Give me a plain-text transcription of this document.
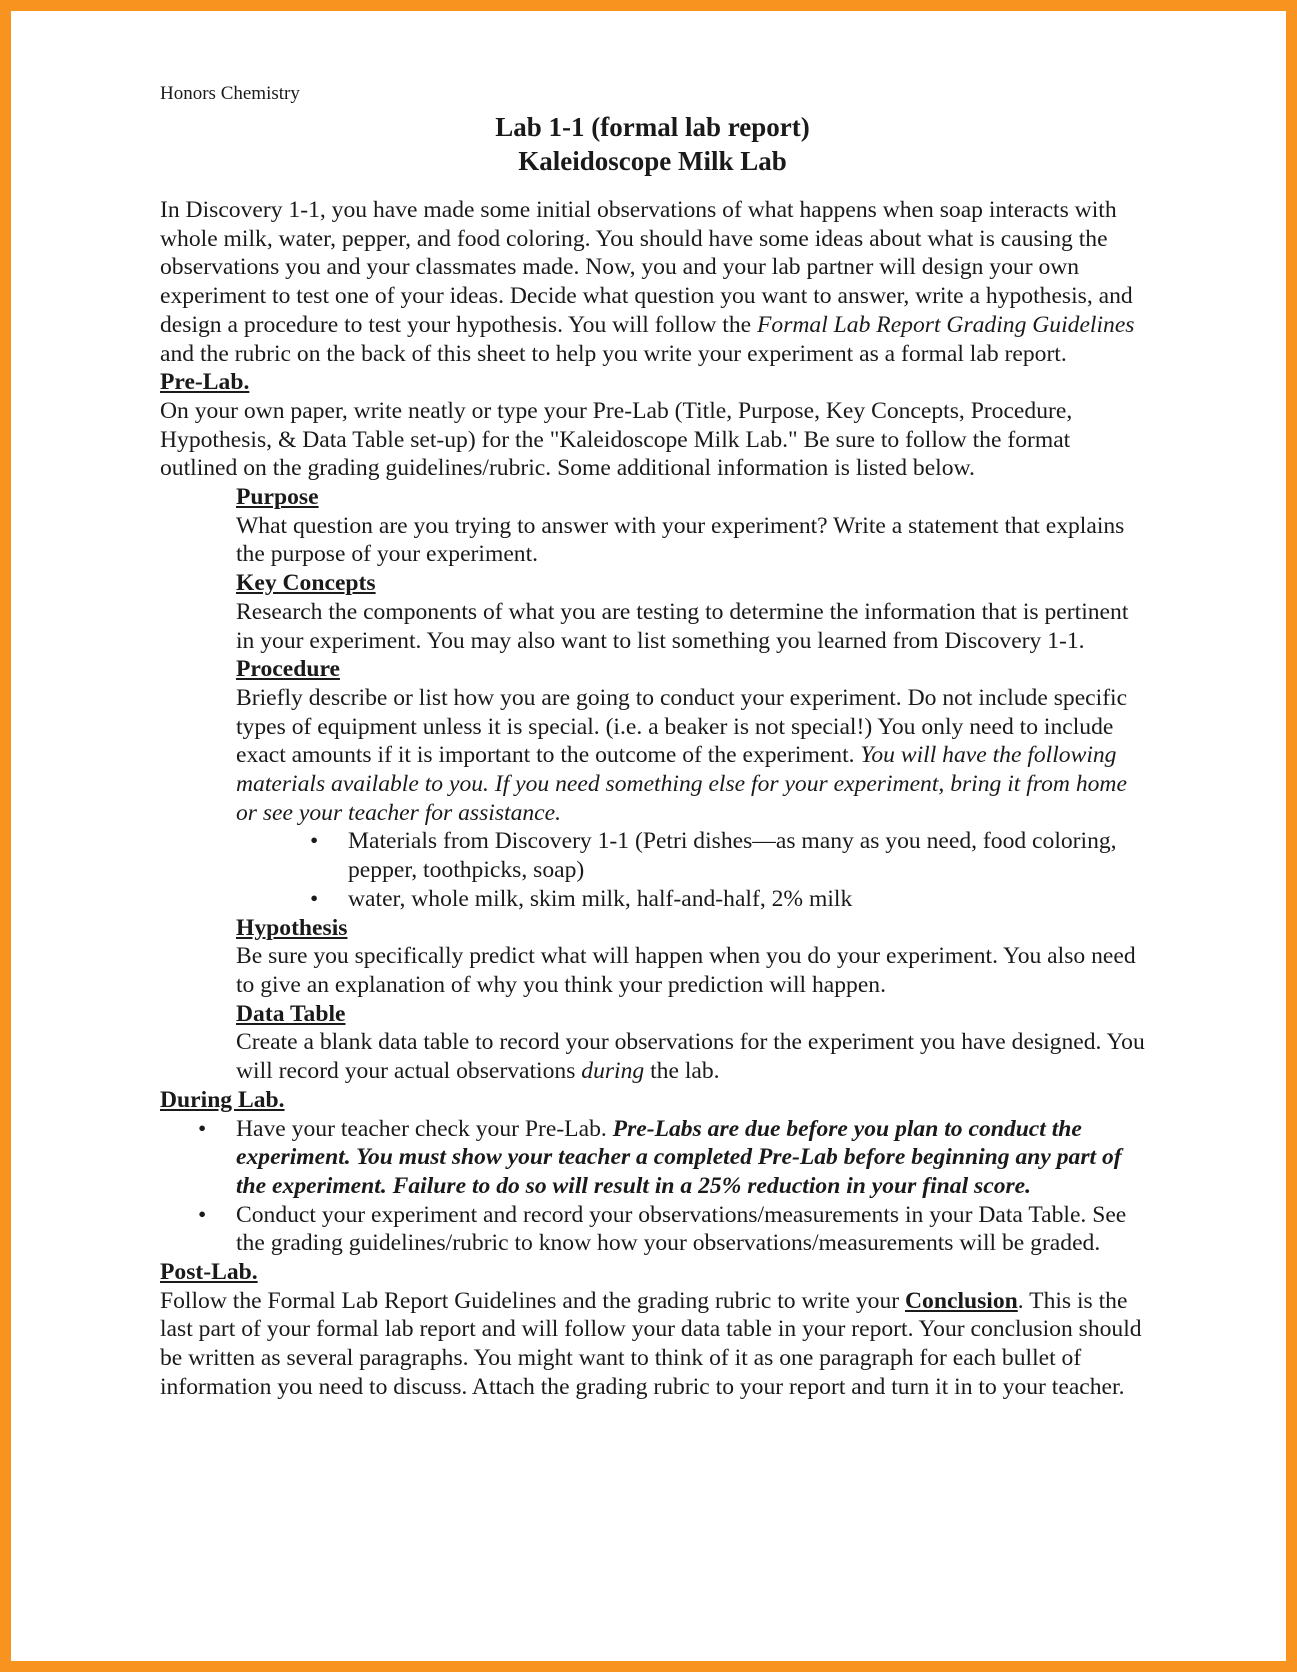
Honors Chemistry
Lab 1-1 (formal lab report)
Kaleidoscope Milk Lab

In Discovery 1-1, you have made some initial observations of what happens when soap interacts with whole milk, water, pepper, and food coloring. You should have some ideas about what is causing the observations you and your classmates made. Now, you and your lab partner will design your own experiment to test one of your ideas. Decide what question you want to answer, write a hypothesis, and design a procedure to test your hypothesis. You will follow the Formal Lab Report Grading Guidelines and the rubric on the back of this sheet to help you write your experiment as a formal lab report.

Pre-Lab.

On your own paper, write neatly or type your Pre-Lab (Title, Purpose, Key Concepts, Procedure, Hypothesis, & Data Table set-up) for the "Kaleidoscope Milk Lab." Be sure to follow the format outlined on the grading guidelines/rubric. Some additional information is listed below.

Purpose

What question are you trying to answer with your experiment? Write a statement that explains the purpose of your experiment.

Key Concepts

Research the components of what you are testing to determine the information that is pertinent in your experiment. You may also want to list something you learned from Discovery 1-1.

Procedure

Briefly describe or list how you are going to conduct your experiment. Do not include specific types of equipment unless it is special. (i.e. a beaker is not special!) You only need to include exact amounts if it is important to the outcome of the experiment. You will have the following materials available to you. If you need something else for your experiment, bring it from home or see your teacher for assistance.

• Materials from Discovery 1-1 (Petri dishes—as many as you need, food coloring, pepper, toothpicks, soap)
• water, whole milk, skim milk, half-and-half, 2% milk
Hypothesis

Be sure you specifically predict what will happen when you do your experiment. You also need to give an explanation of why you think your prediction will happen.

Data Table

Create a blank data table to record your observations for the experiment you have designed. You will record your actual observations during the lab.

During Lab.
• Have your teacher check your Pre-Lab. Pre-Labs are due before you plan to conduct the experiment. You must show your teacher a completed Pre-Lab before beginning any part of the experiment. Failure to do so will result in a 25% reduction in your final score.
• Conduct your experiment and record your observations/measurements in your Data Table. See the grading guidelines/rubric to know how your observations/measurements will be graded.
Post-Lab.

Follow the Formal Lab Report Guidelines and the grading rubric to write your Conclusion. This is the last part of your formal lab report and will follow your data table in your report. Your conclusion should be written as several paragraphs. You might want to think of it as one paragraph for each bullet of information you need to discuss. Attach the grading rubric to your report and turn it in to your teacher.
